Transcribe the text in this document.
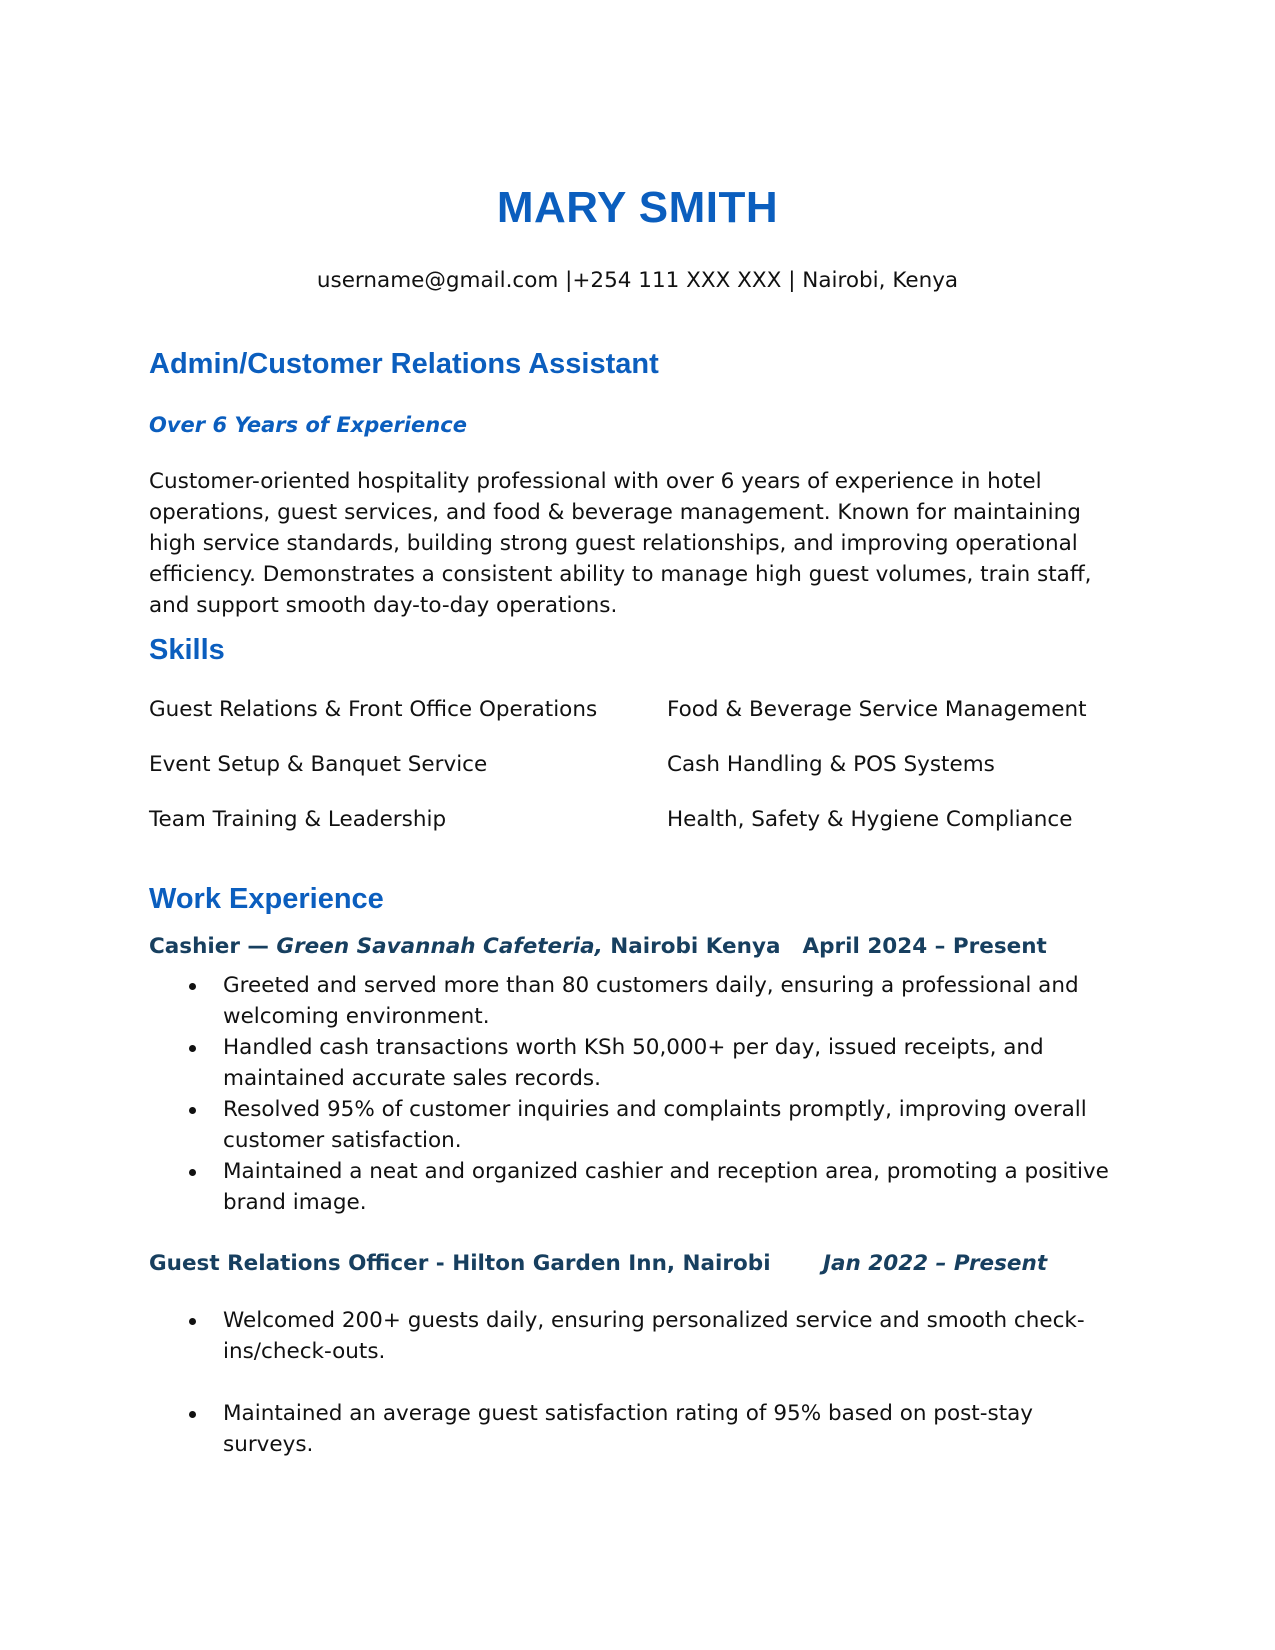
MARY SMITH
username@gmail.com |+254 111 XXX XXX | Nairobi, Kenya
Admin/Customer Relations Assistant
Over 6 Years of Experience
Customer-oriented hospitality professional with over 6 years of experience in hotel operations, guest services, and food & beverage management. Known for maintaining high service standards, building strong guest relationships, and improving operational efficiency. Demonstrates a consistent ability to manage high guest volumes, train staff, and support smooth day-to-day operations.
Skills
Guest Relations & Front Office Operations	Food & Beverage Service Management
Event Setup & Banquet Service	Cash Handling & POS Systems
Team Training & Leadership	Health, Safety & Hygiene Compliance
Work Experience
Cashier — Green Savannah Cafeteria, Nairobi Kenya April 2024 – Present
Greeted and served more than 80 customers daily, ensuring a professional and welcoming environment.
Handled cash transactions worth KSh 50,000+ per day, issued receipts, and maintained accurate sales records.
Resolved 95% of customer inquiries and complaints promptly, improving overall customer satisfaction.
Maintained a neat and organized cashier and reception area, promoting a positive brand image.
Guest Relations Officer - Hilton Garden Inn, Nairobi Jan 2022 – Present
Welcomed 200+ guests daily, ensuring personalized service and smooth check-ins/check-outs.
Maintained an average guest satisfaction rating of 95% based on post-stay surveys.
